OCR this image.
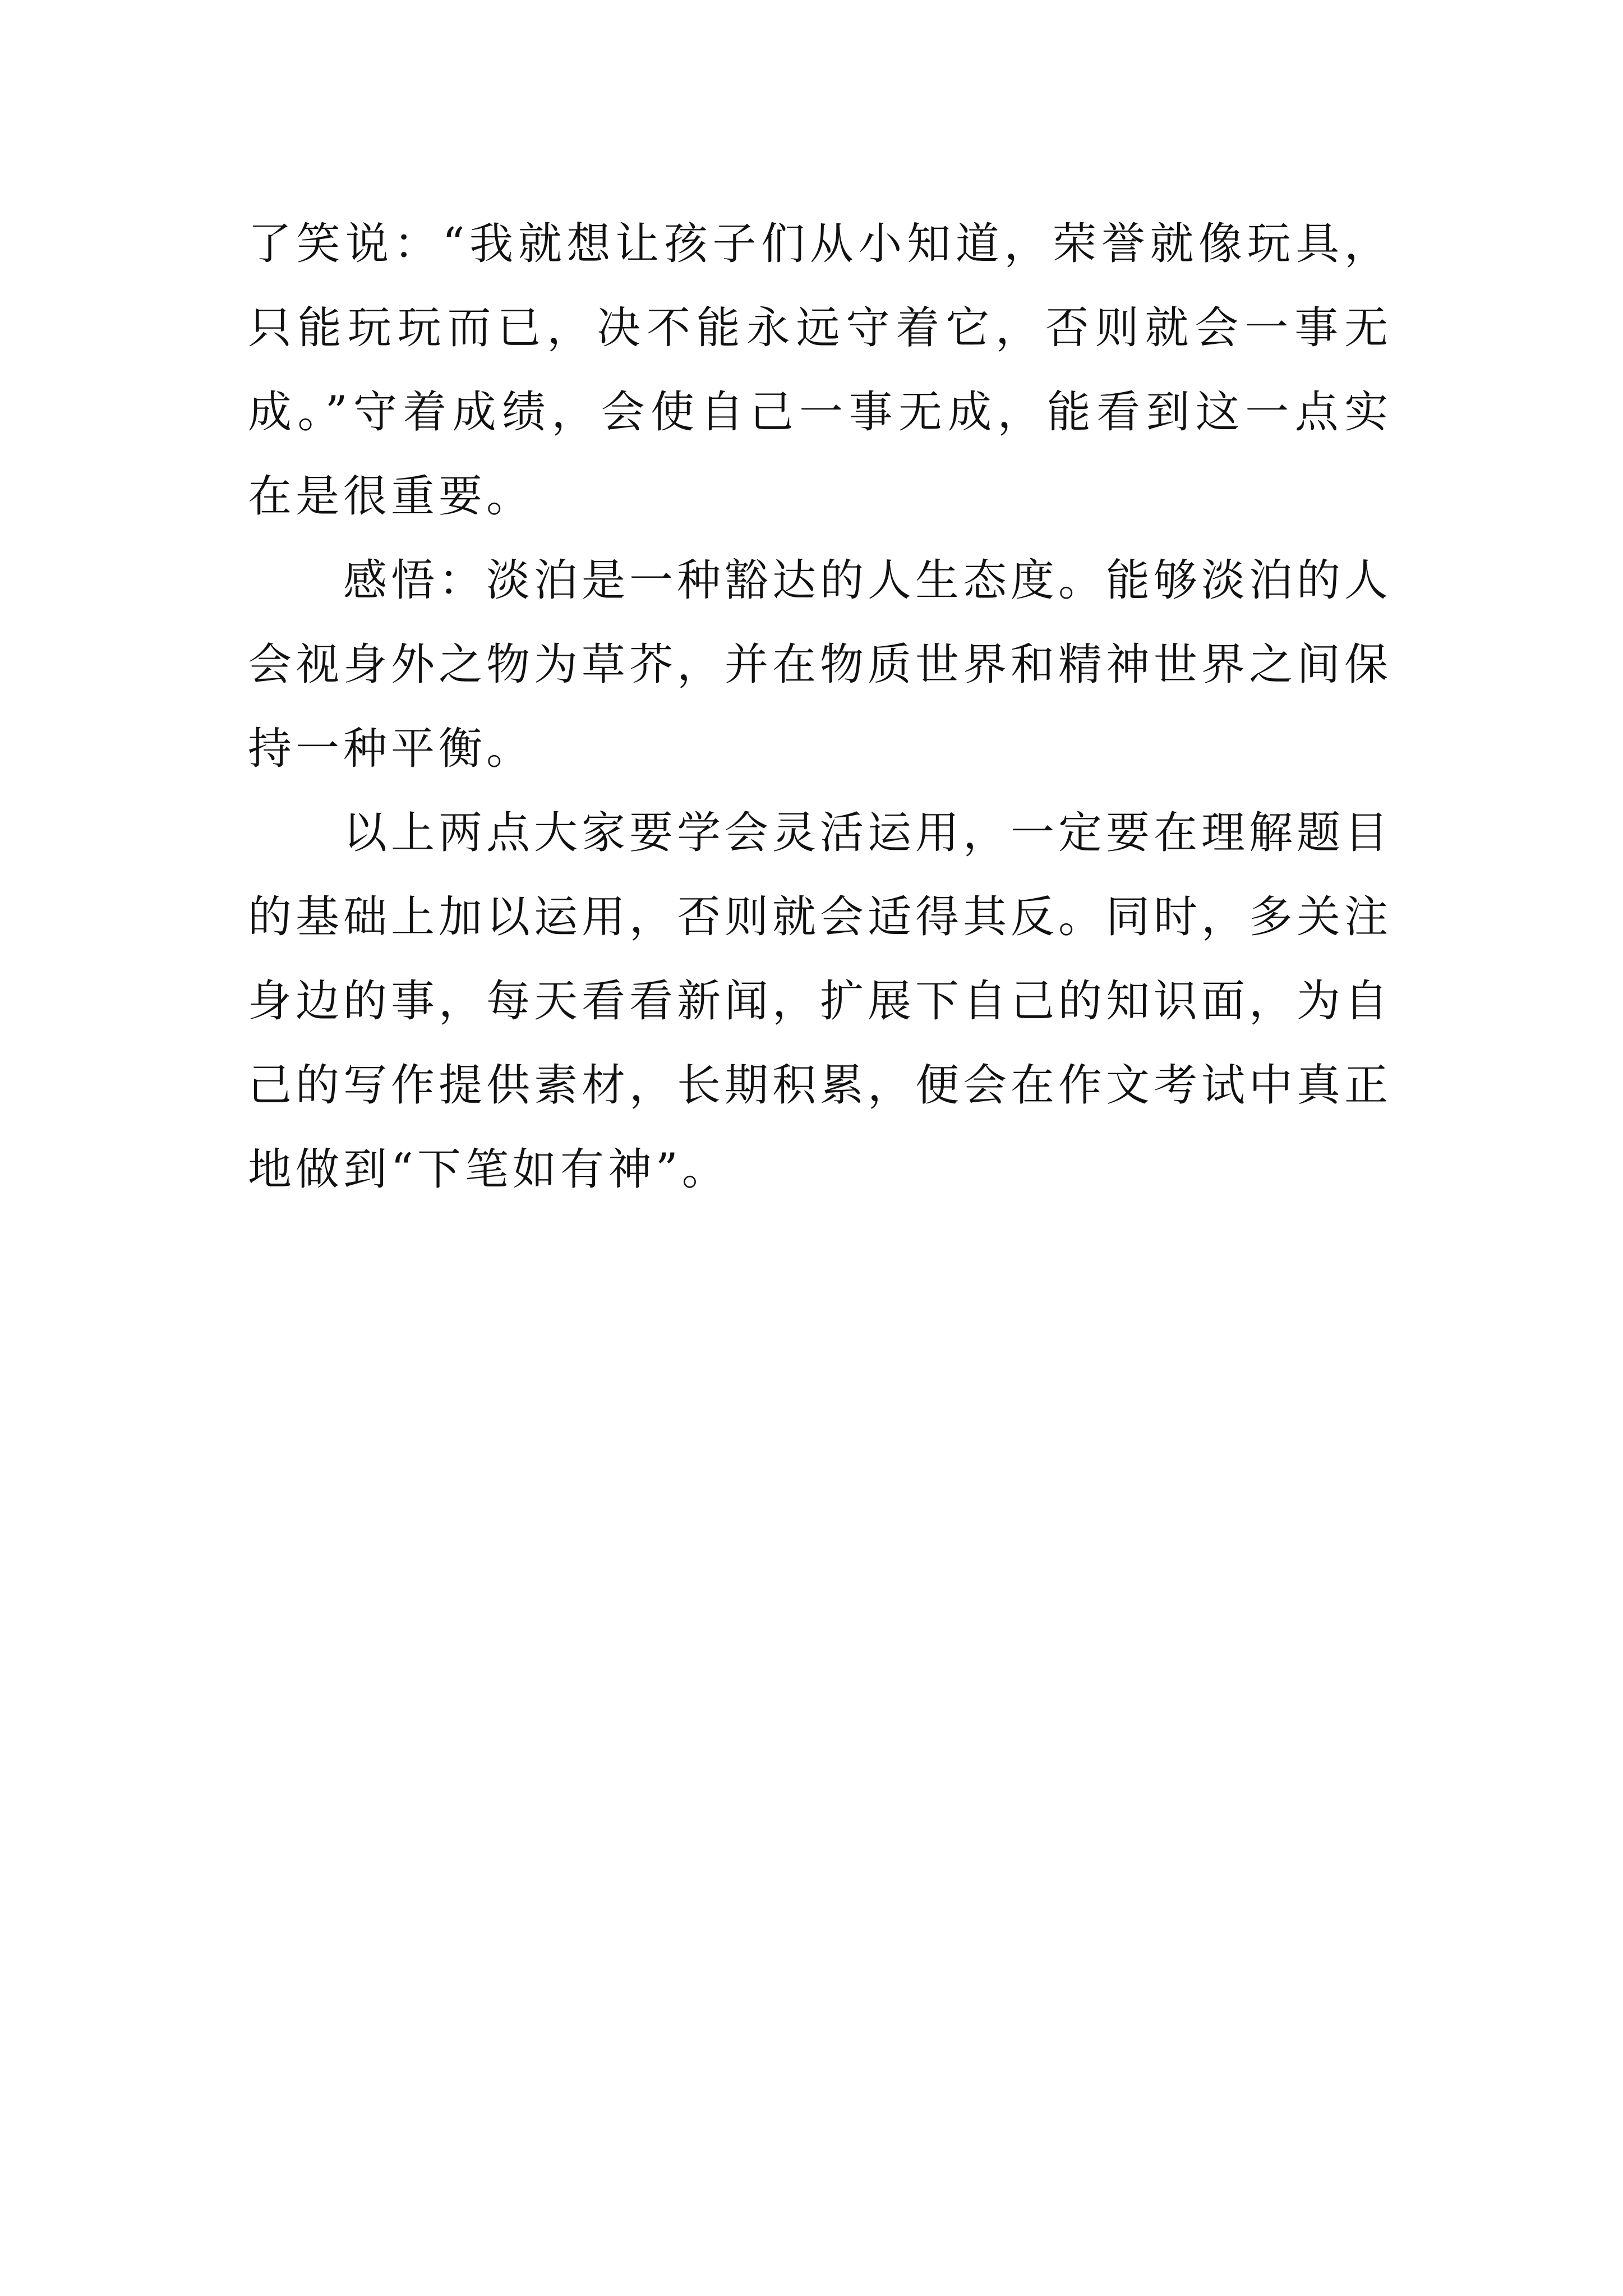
了笑说：“我就想让孩子们从小知道，荣誉就像玩具，只能玩玩而已，决不能永远守着它，否则就会一事无成。”守着成绩，会使自己一事无成，能看到这一点实在是很重要。

感悟：淡泊是一种豁达的人生态度。能够淡泊的人会视身外之物为草芥，并在物质世界和精神世界之间保持一种平衡。

以上两点大家要学会灵活运用，一定要在理解题目的基础上加以运用，否则就会适得其反。同时，多关注身边的事，每天看看新闻，扩展下自己的知识面，为自己的写作提供素材，长期积累，便会在作文考试中真正地做到“下笔如有神”。
